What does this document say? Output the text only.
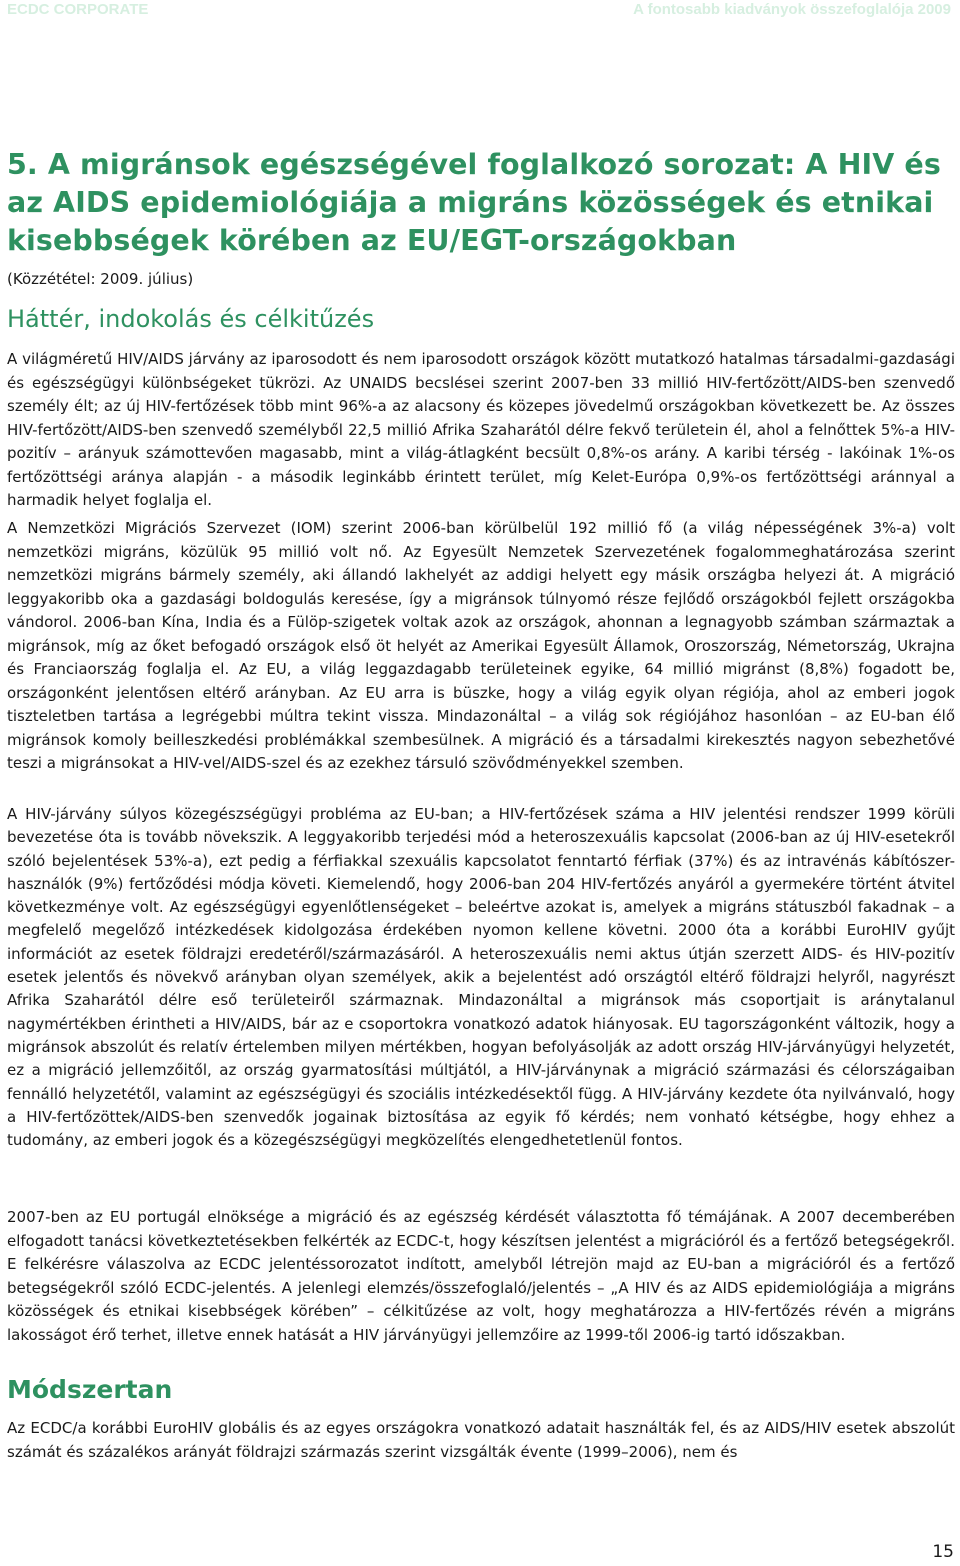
ECDC CORPORATE	A fontosabb kiadványok összefoglalója 2009
5. A migránsok egészségével foglalkozó sorozat: A HIV és az AIDS epidemiológiája a migráns közösségek és etnikai kisebbségek körében az EU/EGT-országokban
(Közzététel: 2009. július)
Háttér, indokolás és célkitűzés

A világméretű HIV/AIDS járvány az iparosodott és nem iparosodott országok között mutatkozó hatalmas társadalmi-gazdasági és egészségügyi különbségeket tükrözi. Az UNAIDS becslései szerint 2007-ben 33 millió HIV-fertőzött/AIDS-ben szenvedő személy élt; az új HIV-fertőzések több mint 96%-a az alacsony és közepes jövedelmű országokban következett be. Az összes HIV-fertőzött/AIDS-ben szenvedő személyből 22,5 millió Afrika Szaharától délre fekvő területein él, ahol a felnőttek 5%-a HIV-pozitív – arányuk számottevően magasabb, mint a világ-átlagként becsült 0,8%-os arány. A karibi térség - lakóinak 1%-os fertőzöttségi aránya alapján - a második leginkább érintett terület, míg Kelet-Európa 0,9%-os fertőzöttségi aránnyal a harmadik helyet foglalja el.

A Nemzetközi Migrációs Szervezet (IOM) szerint 2006-ban körülbelül 192 millió fő (a világ népességének 3%-a) volt nemzetközi migráns, közülük 95 millió volt nő. Az Egyesült Nemzetek Szervezetének fogalommeghatározása szerint nemzetközi migráns bármely személy, aki állandó lakhelyét az addigi helyett egy másik országba helyezi át. A migráció leggyakoribb oka a gazdasági boldogulás keresése, így a migránsok túlnyomó része fejlődő országokból fejlett országokba vándorol. 2006-ban Kína, India és a Fülöp-szigetek voltak azok az országok, ahonnan a legnagyobb számban származtak a migránsok, míg az őket befogadó országok első öt helyét az Amerikai Egyesült Államok, Oroszország, Németország, Ukrajna és Franciaország foglalja el. Az EU, a világ leggazdagabb területeinek egyike, 64 millió migránst (8,8%) fogadott be, országonként jelentősen eltérő arányban. Az EU arra is büszke, hogy a világ egyik olyan régiója, ahol az emberi jogok tiszteletben tartása a legrégebbi múltra tekint vissza. Mindazonáltal – a világ sok régiójához hasonlóan – az EU-ban élő migránsok komoly beilleszkedési problémákkal szembesülnek. A migráció és a társadalmi kirekesztés nagyon sebezhetővé teszi a migránsokat a HIV-vel/AIDS-szel és az ezekhez társuló szövődményekkel szemben.

A HIV-járvány súlyos közegészségügyi probléma az EU-ban; a HIV-fertőzések száma a HIV jelentési rendszer 1999 körüli bevezetése óta is tovább növekszik. A leggyakoribb terjedési mód a heteroszexuális kapcsolat (2006-ban az új HIV-esetekről szóló bejelentések 53%-a), ezt pedig a férfiakkal szexuális kapcsolatot fenntartó férfiak (37%) és az intravénás kábítószer-használók (9%) fertőződési módja követi. Kiemelendő, hogy 2006-ban 204 HIV-fertőzés anyáról a gyermekére történt átvitel következménye volt. Az egészségügyi egyenlőtlenségeket – beleértve azokat is, amelyek a migráns státuszból fakadnak – a megfelelő megelőző intézkedések kidolgozása érdekében nyomon kellene követni. 2000 óta a korábbi EuroHIV gyűjt információt az esetek földrajzi eredetéről/származásáról. A heteroszexuális nemi aktus útján szerzett AIDS- és HIV-pozitív esetek jelentős és növekvő arányban olyan személyek, akik a bejelentést adó országtól eltérő földrajzi helyről, nagyrészt Afrika Szaharától délre eső területeiről származnak. Mindazonáltal a migránsok más csoportjait is aránytalanul nagymértékben érintheti a HIV/AIDS, bár az e csoportokra vonatkozó adatok hiányosak. EU tagországonként változik, hogy a migránsok abszolút és relatív értelemben milyen mértékben, hogyan befolyásolják az adott ország HIV-járványügyi helyzetét, ez a migráció jellemzőitől, az ország gyarmatosítási múltjától, a HIV-járványnak a migráció származási és célországaiban fennálló helyzetétől, valamint az egészségügyi és szociális intézkedésektől függ. A HIV-járvány kezdete óta nyilvánvaló, hogy a HIV-fertőzöttek/AIDS-ben szenvedők jogainak biztosítása az egyik fő kérdés; nem vonható kétségbe, hogy ehhez a tudomány, az emberi jogok és a közegészségügyi megközelítés elengedhetetlenül fontos.

2007-ben az EU portugál elnöksége a migráció és az egészség kérdését választotta fő témájának. A 2007 decemberében elfogadott tanácsi következtetésekben felkérték az ECDC-t, hogy készítsen jelentést a migrációról és a fertőző betegségekről. E felkérésre válaszolva az ECDC jelentéssorozatot indított, amelyből létrejön majd az EU-ban a migrációról és a fertőző betegségekről szóló ECDC-jelentés. A jelenlegi elemzés/összefoglaló/jelentés – „A HIV és az AIDS epidemiológiája a migráns közösségek és etnikai kisebbségek körében” – célkitűzése az volt, hogy meghatározza a HIV-fertőzés révén a migráns lakosságot érő terhet, illetve ennek hatását a HIV járványügyi jellemzőire az 1999-től 2006-ig tartó időszakban.

Módszertan

Az ECDC/a korábbi EuroHIV globális és az egyes országokra vonatkozó adatait használták fel, és az AIDS/HIV esetek abszolút számát és százalékos arányát földrajzi származás szerint vizsgálták évente (1999–2006), nem és

15
